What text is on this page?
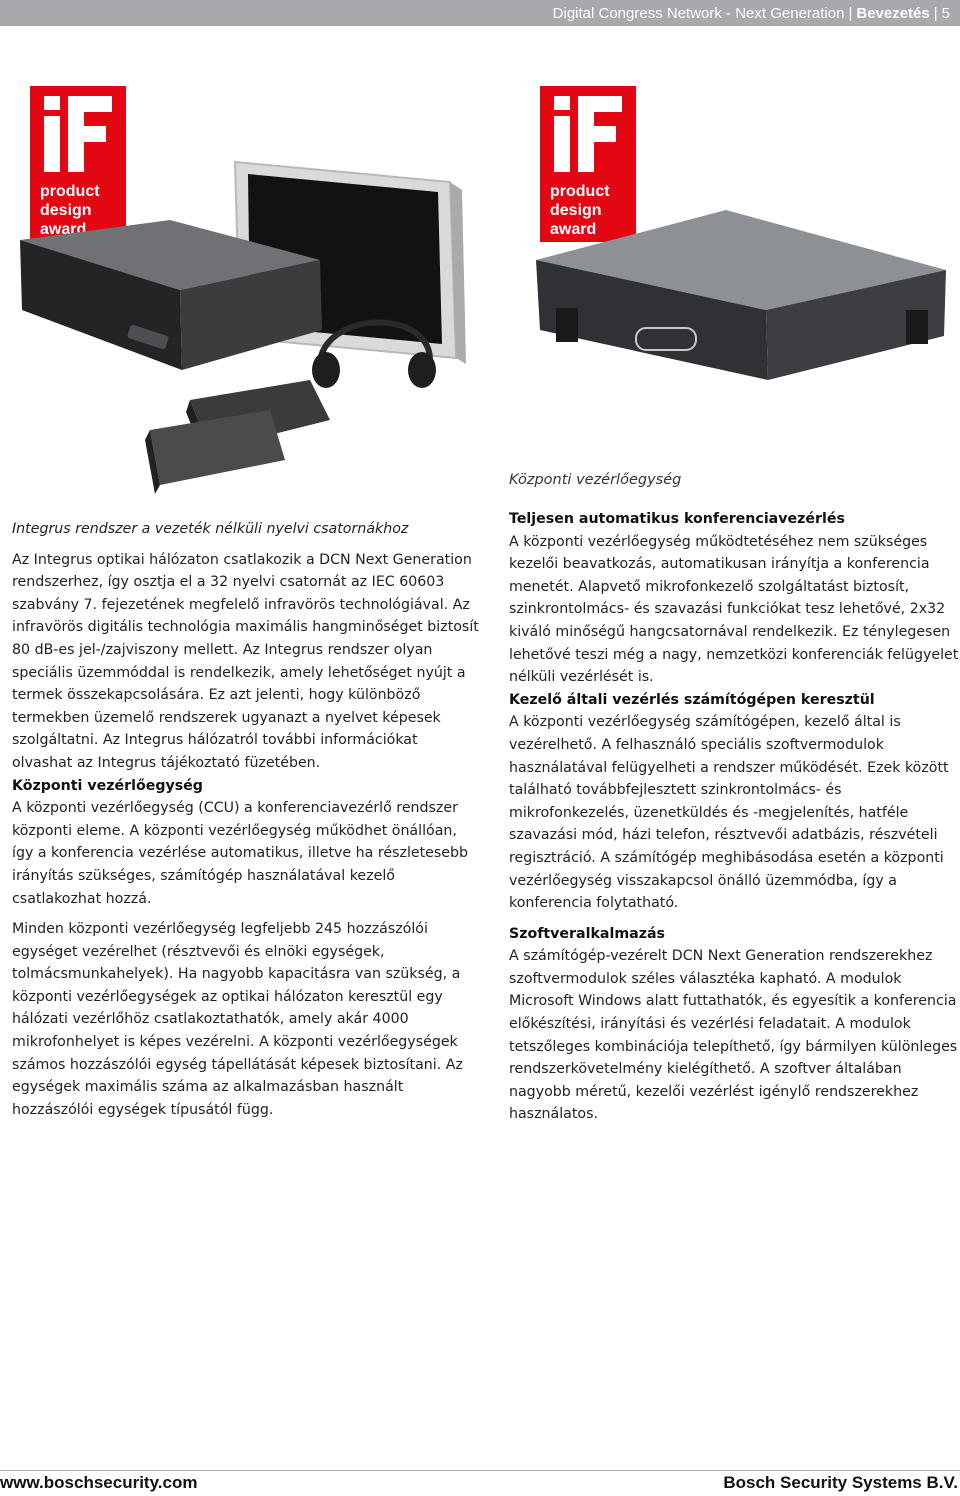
Digital Congress Network - Next Generation | Bevezetés | 5
product
design
award
product
design
award
Központi vezérlőegység

Integrus rendszer a vezeték nélküli nyelvi csatornákhoz

Az Integrus optikai hálózaton csatlakozik a DCN Next Generation rendszerhez, így osztja el a 32 nyelvi csatornát az IEC 60603 szabvány 7. fejezetének megfelelő infravörös technológiával. Az infravörös digitális technológia maximális hangminőséget biztosít 80 dB-es jel-/zajviszony mellett. Az Integrus rendszer olyan speciális üzemmóddal is rendelkezik, amely lehetőséget nyújt a termek összekapcsolására. Ez azt jelenti, hogy különböző termekben üzemelő rendszerek ugyanazt a nyelvet képesek szolgáltatni. Az Integrus hálózatról további információkat olvashat az Integrus tájékoztató füzetében.

Központi vezérlőegység

A központi vezérlőegység (CCU) a konferenciavezérlő rendszer központi eleme. A központi vezérlőegység működhet önállóan, így a konferencia vezérlése automatikus, illetve ha részletesebb irányítás szükséges, számítógép használatával kezelő csatlakozhat hozzá.

Minden központi vezérlőegység legfeljebb 245 hozzászólói egységet vezérelhet (résztvevői és elnöki egységek, tolmácsmunkahelyek). Ha nagyobb kapacitásra van szükség, a központi vezérlőegységek az optikai hálózaton keresztül egy hálózati vezérlőhöz csatlakoztathatók, amely akár 4000 mikrofonhelyet is képes vezérelni. A központi vezérlőegységek számos hozzászólói egység tápellátását képesek biztosítani. Az egységek maximális száma az alkalmazásban használt hozzászólói egységek típusától függ.

Teljesen automatikus konferenciavezérlés

A központi vezérlőegység működtetéséhez nem szükséges kezelői beavatkozás, automatikusan irányítja a konferencia menetét. Alapvető mikrofonkezelő szolgáltatást biztosít, szinkrontolmács- és szavazási funkciókat tesz lehetővé, 2x32 kiváló minőségű hangcsatornával rendelkezik. Ez ténylegesen lehetővé teszi még a nagy, nemzetközi konferenciák felügyelet nélküli vezérlését is.

Kezelő általi vezérlés számítógépen keresztül

A központi vezérlőegység számítógépen, kezelő által is vezérelhető. A felhasználó speciális szoftvermodulok használatával felügyelheti a rendszer működését. Ezek között található továbbfejlesztett szinkrontolmács- és mikrofonkezelés, üzenetküldés és -megjelenítés, hatféle szavazási mód, házi telefon, résztvevői adatbázis, részvételi regisztráció. A számítógép meghibásodása esetén a központi vezérlőegység visszakapcsol önálló üzemmódba, így a konferencia folytatható.

Szoftveralkalmazás

A számítógép-vezérelt DCN Next Generation rendszerekhez szoftvermodulok széles választéka kapható. A modulok Microsoft Windows alatt futtathatók, és egyesítik a konferencia előkészítési, irányítási és vezérlési feladatait. A modulok tetszőleges kombinációja telepíthető, így bármilyen különleges rendszerkövetelmény kielégíthető. A szoftver általában nagyobb méretű, kezelői vezérlést igénylő rendszerekhez használatos.

www.boschsecurity.com	Bosch Security Systems B.V.
